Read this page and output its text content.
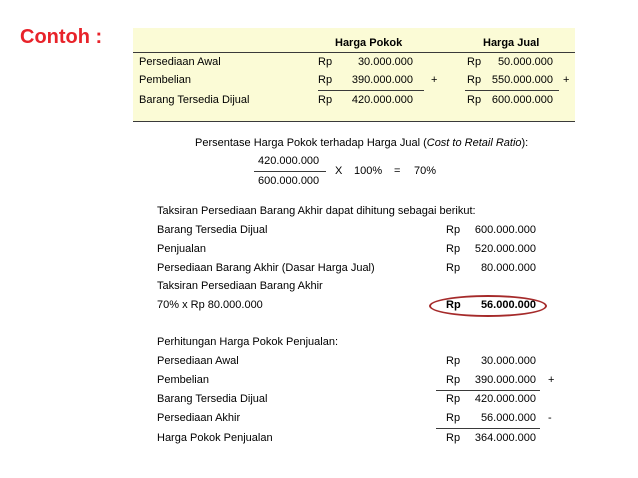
Contoh :	Harga Pokok	Harga Jual
Persediaan Awal	Rp	30.000.000	Rp	50.000.000
Pembelian	Rp	390.000.000 +	Rp 550.000.000 +
Barang Tersedia Dijual	Rp	420.000.000	Rp 600.000.000
Persentase Harga Pokok terhadap Harga Jual (Cost to Retail Ratio):
420.000.000
600.000.000
X 100% = 70%
Taksiran Persediaan Barang Akhir dapat dihitung sebagai berikut:
Barang Tersedia Dijual	Rp	600.000.000
Penjualan	Rp	520.000.000
Persediaan Barang Akhir (Dasar Harga Jual)	Rp	80.000.000
Taksiran Persediaan Barang Akhir
70% x Rp 80.000.000	Rp	56.000.000
Perhitungan Harga Pokok Penjualan:
Persediaan Awal	Rp	30.000.000
Pembelian	Rp	390.000.000 +
Barang Tersedia Dijual	Rp	420.000.000
Persediaan Akhir	Rp	56.000.000 -
Harga Pokok Penjualan	Rp	364.000.000
